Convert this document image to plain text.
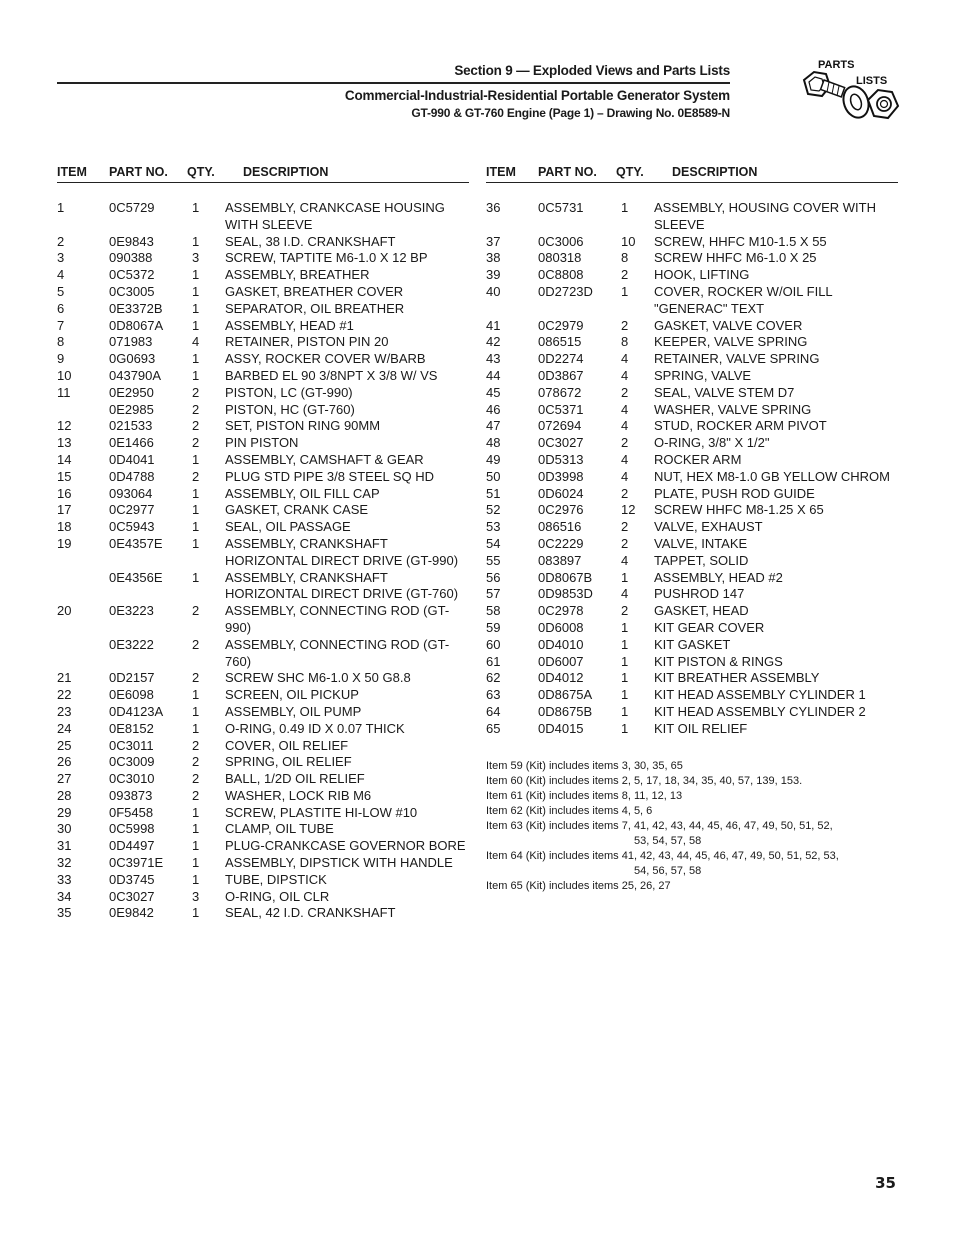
Section 9 — Exploded Views and Parts Lists
Commercial-Industrial-Residential Portable Generator System
GT-990 & GT-760 Engine (Page 1) – Drawing No. 0E8589-N
PARTS
LISTS
ITEM PART NO. QTY. DESCRIPTION
1	0C5729	1 ASSEMBLY, CRANKCASE HOUSING WITH SLEEVE
2	0E9843	1 SEAL, 38 I.D. CRANKSHAFT
3	090388	3 SCREW, TAPTITE M6-1.0 X 12 BP
4	0C5372	1 ASSEMBLY, BREATHER
5	0C3005	1 GASKET, BREATHER COVER
6	0E3372B 1 SEPARATOR, OIL BREATHER
7	0D8067A 1 ASSEMBLY, HEAD #1
8	071983	4 RETAINER, PISTON PIN 20
9	0G0693	1 ASSY, ROCKER COVER W/BARB
10	043790A 1 BARBED EL 90 3/8NPT X 3/8 W/ VS
11	0E2950	2 PISTON, LC (GT-990)
0E2985	2 PISTON, HC (GT-760)
12	021533	2 SET, PISTON RING 90MM
13	0E1466	2 PIN PISTON
14	0D4041	1 ASSEMBLY, CAMSHAFT & GEAR
15	0D4788	2 PLUG STD PIPE 3/8 STEEL SQ HD
16	093064	1 ASSEMBLY, OIL FILL CAP
17	0C2977	1 GASKET, CRANK CASE
18	0C5943	1 SEAL, OIL PASSAGE
19	0E4357E 1 ASSEMBLY, CRANKSHAFT HORIZONTAL DIRECT DRIVE (GT-990)
0E4356E 1 ASSEMBLY, CRANKSHAFT HORIZONTAL DIRECT DRIVE (GT-760)
20	0E3223	2 ASSEMBLY, CONNECTING ROD (GT-990)
0E3222	2 ASSEMBLY, CONNECTING ROD (GT-760)
21	0D2157	2 SCREW SHC M6-1.0 X 50 G8.8
22	0E6098	1 SCREEN, OIL PICKUP
23	0D4123A 1 ASSEMBLY, OIL PUMP
24	0E8152	1 O-RING, 0.49 ID X 0.07 THICK
25	0C3011	2 COVER, OIL RELIEF
26	0C3009	2 SPRING, OIL RELIEF
27	0C3010	2 BALL, 1/2D OIL RELIEF
28	093873	2 WASHER, LOCK RIB M6
29	0F5458	1 SCREW, PLASTITE HI-LOW #10
30	0C5998	1 CLAMP, OIL TUBE
31	0D4497	1 PLUG-CRANKCASE GOVERNOR BORE
32	0C3971E 1 ASSEMBLY, DIPSTICK WITH HANDLE
33	0D3745	1 TUBE, DIPSTICK
34	0C3027	3 O-RING, OIL CLR
35	0E9842	1 SEAL, 42 I.D. CRANKSHAFT
ITEM PART NO. QTY. DESCRIPTION
36	0C5731	1 ASSEMBLY, HOUSING COVER WITH SLEEVE
37	0C3006	10 SCREW, HHFC M10-1.5 X 55
38	080318	8 SCREW HHFC M6-1.0 X 25
39	0C8808	2 HOOK, LIFTING
40	0D2723D 1 COVER, ROCKER W/OIL FILL "GENERAC" TEXT
41	0C2979	2 GASKET, VALVE COVER
42	086515	8 KEEPER, VALVE SPRING
43	0D2274	4 RETAINER, VALVE SPRING
44	0D3867	4 SPRING, VALVE
45	078672	2 SEAL, VALVE STEM D7
46	0C5371	4 WASHER, VALVE SPRING
47	072694	4 STUD, ROCKER ARM PIVOT
48	0C3027	2 O-RING, 3/8" X 1/2"
49	0D5313	4 ROCKER ARM
50	0D3998	4 NUT, HEX M8-1.0 GB YELLOW CHROM
51	0D6024	2 PLATE, PUSH ROD GUIDE
52	0C2976	12 SCREW HHFC M8-1.25 X 65
53	086516	2 VALVE, EXHAUST
54	0C2229	2 VALVE, INTAKE
55	083897	4 TAPPET, SOLID
56	0D8067B 1 ASSEMBLY, HEAD #2
57	0D9853D 4 PUSHROD 147
58	0C2978	2 GASKET, HEAD
59	0D6008	1 KIT GEAR COVER
60	0D4010	1 KIT GASKET
61	0D6007	1 KIT PISTON & RINGS
62	0D4012	1 KIT BREATHER ASSEMBLY
63	0D8675A 1 KIT HEAD ASSEMBLY CYLINDER 1
64	0D8675B 1 KIT HEAD ASSEMBLY CYLINDER 2
65	0D4015	1 KIT OIL RELIEF
Item 59 (Kit) includes items 3, 30, 35, 65
Item 60 (Kit) includes items 2, 5, 17, 18, 34, 35, 40, 57, 139, 153.
Item 61 (Kit) includes items 8, 11, 12, 13
Item 62 (Kit) includes items 4, 5, 6
Item 63 (Kit) includes items 7, 41, 42, 43, 44, 45, 46, 47, 49, 50, 51, 52,
53, 54, 57, 58
Item 64 (Kit) includes items 41, 42, 43, 44, 45, 46, 47, 49, 50, 51, 52, 53,
54, 56, 57, 58
Item 65 (Kit) includes items 25, 26, 27
35
